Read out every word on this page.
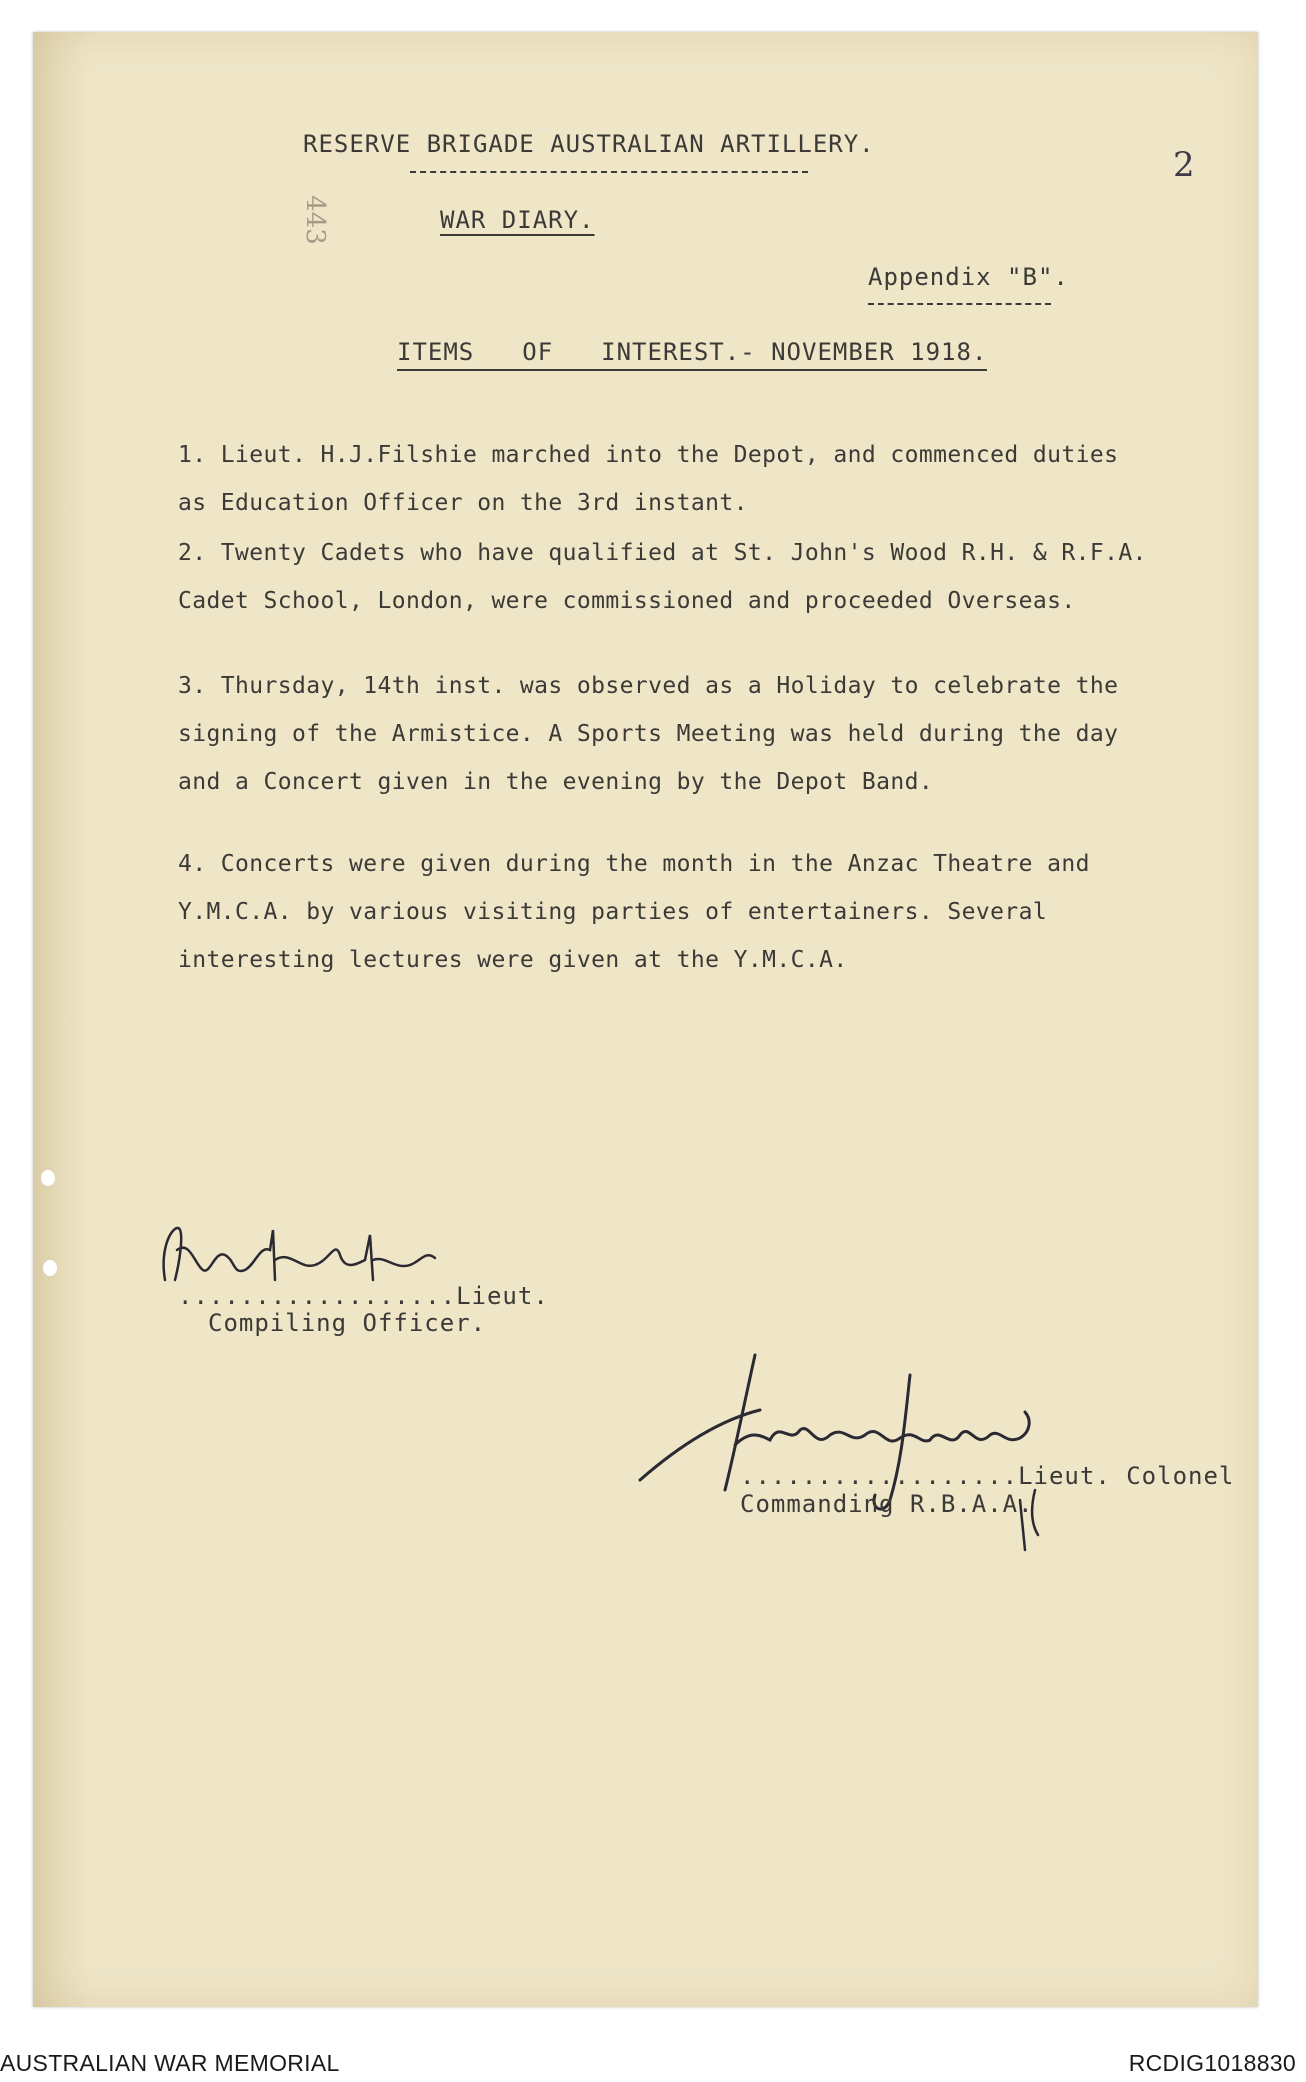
2
443
RESERVE BRIGADE AUSTRALIAN ARTILLERY.
WAR DIARY.
Appendix "B".
ITEMS OF INTEREST.- NOVEMBER 1918.
1. Lieut. H.J.Filshie marched into the Depot, and commenced duties
as Education Officer on the 3rd instant.
2. Twenty Cadets who have qualified at St. John's Wood R.H. & R.F.A.
Cadet School, London, were commissioned and proceeded Overseas.
3. Thursday, 14th inst. was observed as a Holiday to celebrate the
signing of the Armistice. A Sports Meeting was held during the day
and a Concert given in the evening by the Depot Band.
4. Concerts were given during the month in the Anzac Theatre and
Y.M.C.A. by various visiting parties of entertainers. Several
interesting lectures were given at the Y.M.C.A.
..................Lieut.
Compiling Officer.
..................Lieut. Colonel
Commanding R.B.A.A.
AUSTRALIAN WAR MEMORIAL	RCDIG1018830
